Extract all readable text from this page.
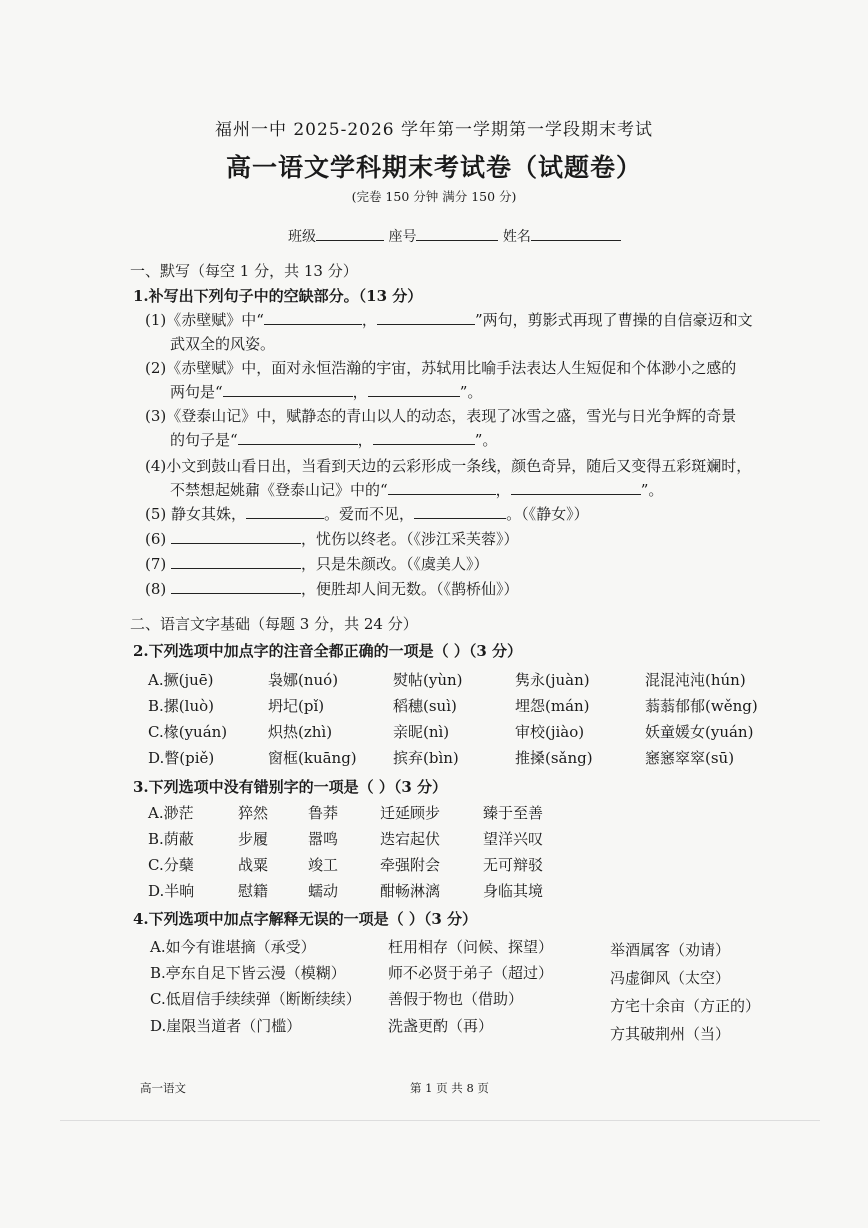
福州一中 2025-2026 学年第一学期第一学段期末考试
高一语文学科期末考试卷（试题卷）
(完卷 150 分钟 满分 150 分)
班级	座号	姓名
一、默写（每空 1 分，共 13 分）
1.补写出下列句子中的空缺部分。（13 分）
(1)《赤壁赋》中“	，	”两句，剪影式再现了曹操的自信豪迈和文
武双全的风姿。
(2)《赤壁赋》中，面对永恒浩瀚的宇宙，苏轼用比喻手法表达人生短促和个体渺小之感的
两句是“	，	”。
(3)《登泰山记》中，赋静态的青山以人的动态，表现了冰雪之盛，雪光与日光争辉的奇景
的句子是“	，	”。
(4)小文到鼓山看日出，当看到天边的云彩形成一条线，颜色奇异，随后又变得五彩斑斓时，
不禁想起姚鼐《登泰山记》中的“	，	”。
(5) 静女其姝，	。爱而不见，	。（《静女》）
(6)	，忧伤以终老。（《涉江采芙蓉》）
(7)	，只是朱颜改。（《虞美人》）
(8)	，便胜却人间无数。（《鹊桥仙》）
二、语言文字基础（每题 3 分，共 24 分）
2.下列选项中加点字的注音全都正确的一项是（ ）（3 分）
A.撅(juē)	袅娜(nuó)	熨帖(yùn)	隽永(juàn)	混混沌沌(hún)
B.摞(luò)	坍圮(pǐ)	稻穗(suì)	埋怨(mán)	蓊蓊郁郁(wěng)
C.椽(yuán)	炽热(zhì)	亲昵(nì)	审校(jiào)	妖童媛女(yuán)
D.瞥(piě)	窗框(kuāng) 摈弃(bìn)	推搡(sǎng)	窸窸窣窣(sū)
3.下列选项中没有错别字的一项是（ ）（3 分）
A.渺茫	猝然	鲁莽	迁延顾步	臻于至善
B.荫蔽	步履	嚣鸣	迭宕起伏	望洋兴叹
C.分蘖	战粟	竣工	牵强附会	无可辩驳
D.半晌	慰籍	蠕动	酣畅淋漓	身临其境
4.下列选项中加点字解释无误的一项是（ ）（3 分）
A.如今有谁堪摘（承受）	枉用相存（问候、探望）	举酒属客（劝请）
B.亭东自足下皆云漫（模糊）	师不必贤于弟子（超过）	冯虚御风（太空）
C.低眉信手续续弹（断断续续） 善假于物也（借助）	方宅十余亩（方正的）
D.崖限当道者（门槛）	洗盏更酌（再）	方其破荆州（当）
高一语文	第 1 页 共 8 页
